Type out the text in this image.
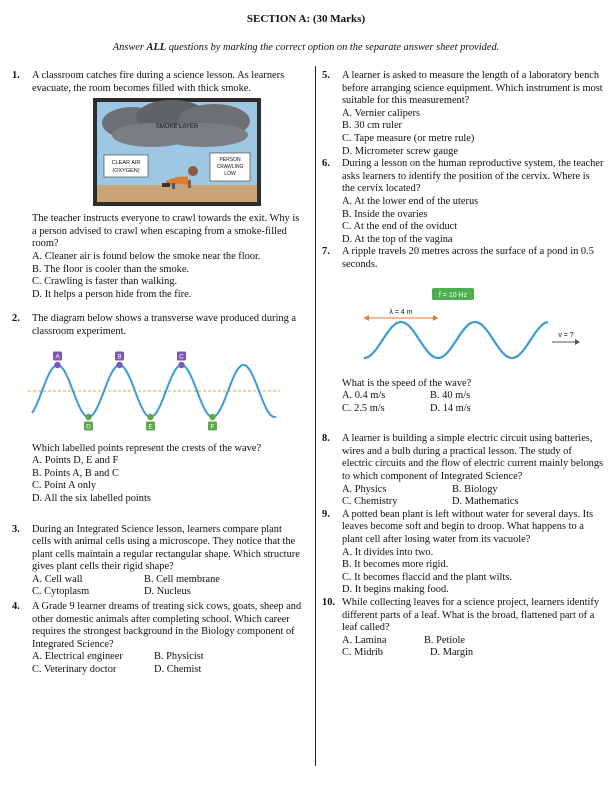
SECTION A: (30 Marks)
Answer ALL questions by marking the correct option on the separate answer sheet provided.
1. A classroom catches fire during a science lesson. As learners evacuate, the room becomes filled with thick smoke.

SMOKE LAYER
CLEAR AIR
(OXYGEN)
PERSON
CRAWLING
LOW

The teacher instructs everyone to crawl towards the exit. Why is a person advised to crawl when escaping from a smoke-filled room?

A. Cleaner air is found below the smoke near the floor.
B. The floor is cooler than the smoke.
C. Crawling is faster than walking.
D. It helps a person hide from the fire.
2. The diagram below shows a transverse wave produced during a classroom experiment.

A	B	C
D	E	F

Which labelled points represent the crests of the wave?

A. Points D, E and F
B. Points A, B and C
C. Point A only
D. All the six labelled points
3. During an Integrated Science lesson, learners compare plant cells with animal cells using a microscope. They notice that the plant cells maintain a regular rectangular shape. Which structure gives plant cells their rigid shape?

A. Cell wall	B. Cell membrane
C. Cytoplasm	D. Nucleus
4. A Grade 9 learner dreams of treating sick cows, goats, sheep and other domestic animals after completing school. Which career requires the strongest background in the Biology component of Integrated Science?

A. Electrical engineer	B. Physicist
C. Veterinary doctor	D. Chemist
5. A learner is asked to measure the length of a laboratory bench before arranging science equipment. Which instrument is most suitable for this measurement?

A. Vernier calipers
B. 30 cm ruler
C. Tape measure (or metre rule)
D. Micrometer screw gauge
6. During a lesson on the human reproductive system, the teacher asks learners to identify the position of the cervix. Where is the cervix located?

A. At the lower end of the uterus
B. Inside the ovaries
C. At the end of the oviduct
D. At the top of the vagina
7. A ripple travels 20 metres across the surface of a pond in 0.5 seconds.

f = 10 Hz
λ = 4 m
v = ?

What is the speed of the wave?

A. 0.4 m/s	B. 40 m/s
C. 2.5 m/s	D. 14 m/s
8. A learner is building a simple electric circuit using batteries, wires and a bulb during a practical lesson. The study of electric circuits and the flow of electric current mainly belongs to which component of Integrated Science?

A. Physics	B. Biology
C. Chemistry	D. Mathematics
9. A potted bean plant is left without water for several days. Its leaves become soft and begin to droop. What happens to a plant cell after losing water from its vacuole?

A. It divides into two.
B. It becomes more rigid.
C. It becomes flaccid and the plant wilts.
D. It begins making food.
10. While collecting leaves for a science project, learners identify different parts of a leaf. What is the broad, flattened part of a leaf called?

A. Lamina	B. Petiole
C. Midrib	D. Margin
